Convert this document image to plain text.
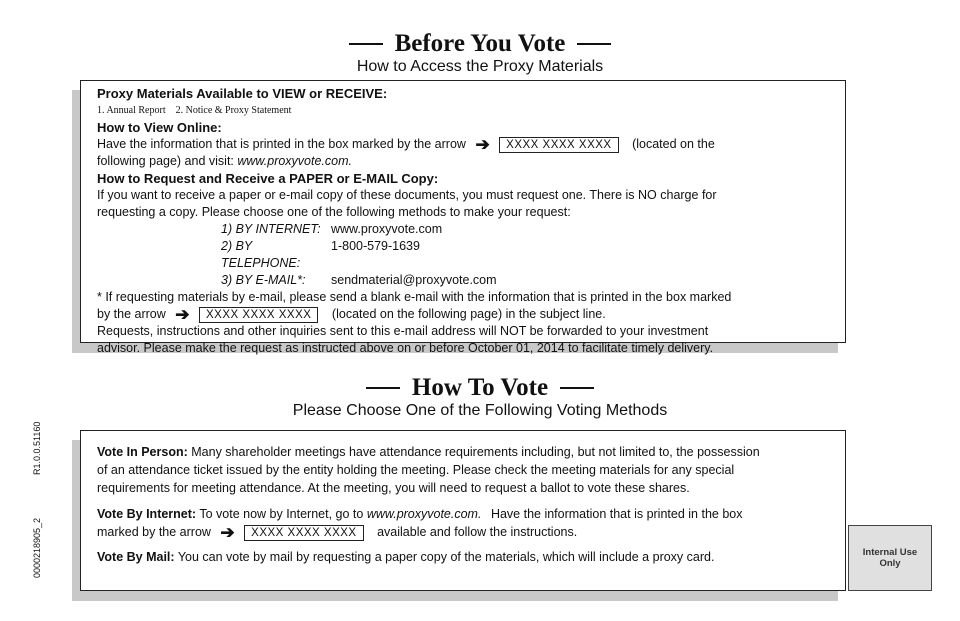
Before You Vote
How to Access the Proxy Materials
Proxy Materials Available to VIEW or RECEIVE:
1. Annual Report    2. Notice & Proxy Statement
How to View Online:
Have the information that is printed in the box marked by the arrow ➔ XXXX XXXX XXXX (located on the
following page) and visit: www.proxyvote.com.
How to Request and Receive a PAPER or E-MAIL Copy:
If you want to receive a paper or e-mail copy of these documents, you must request one. There is NO charge for
requesting a copy. Please choose one of the following methods to make your request:
1) BY INTERNET: www.proxyvote.com
2) BY TELEPHONE:
1-800-579-1639
3) BY E-MAIL*:	sendmaterial@proxyvote.com
* If requesting materials by e-mail, please send a blank e-mail with the information that is printed in the box marked
by the arrow ➔ XXXX XXXX XXXX (located on the following page) in the subject line.
Requests, instructions and other inquiries sent to this e-mail address will NOT be forwarded to your investment
advisor. Please make the request as instructed above on or before October 01, 2014 to facilitate timely delivery.
How To Vote
Please Choose One of the Following Voting Methods
Vote In Person: Many shareholder meetings have attendance requirements including, but not limited to, the possession
of an attendance ticket issued by the entity holding the meeting. Please check the meeting materials for any special
requirements for meeting attendance. At the meeting, you will need to request a ballot to vote these shares.
Vote By Internet: To vote now by Internet, go to www.proxyvote.com. Have the information that is printed in the box
marked by the arrow ➔ XXXX XXXX XXXX available and follow the instructions.
Vote By Mail: You can vote by mail by requesting a paper copy of the materials, which will include a proxy card.
0000218905_2
R1.0.0.51160
Internal Use Only
